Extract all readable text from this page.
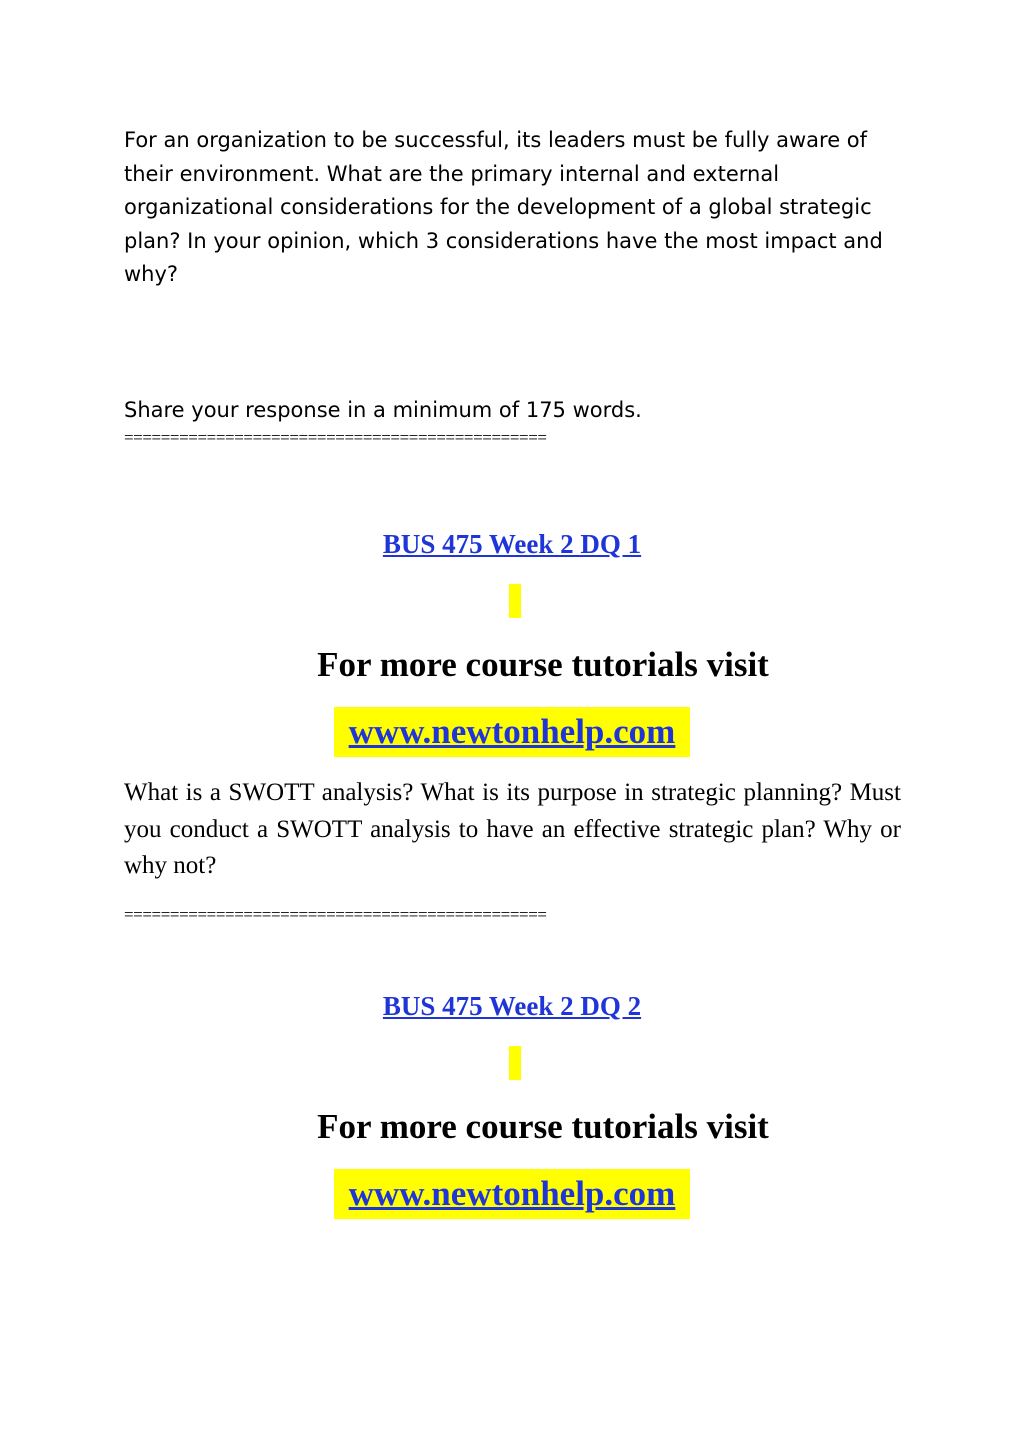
For an organization to be successful, its leaders must be fully aware of their environment. What are the primary internal and external organizational considerations for the development of a global strategic plan? In your opinion, which 3 considerations have the most impact and why?

Share your response in a minimum of 175 words.

==============================================

BUS 475 Week 2 DQ 1

For more course tutorials visit

www.newtonhelp.com

What is a SWOTT analysis? What is its purpose in strategic planning? Must you conduct a SWOTT analysis to have an effective strategic plan? Why or why not?

==============================================

BUS 475 Week 2 DQ 2

For more course tutorials visit

www.newtonhelp.com
